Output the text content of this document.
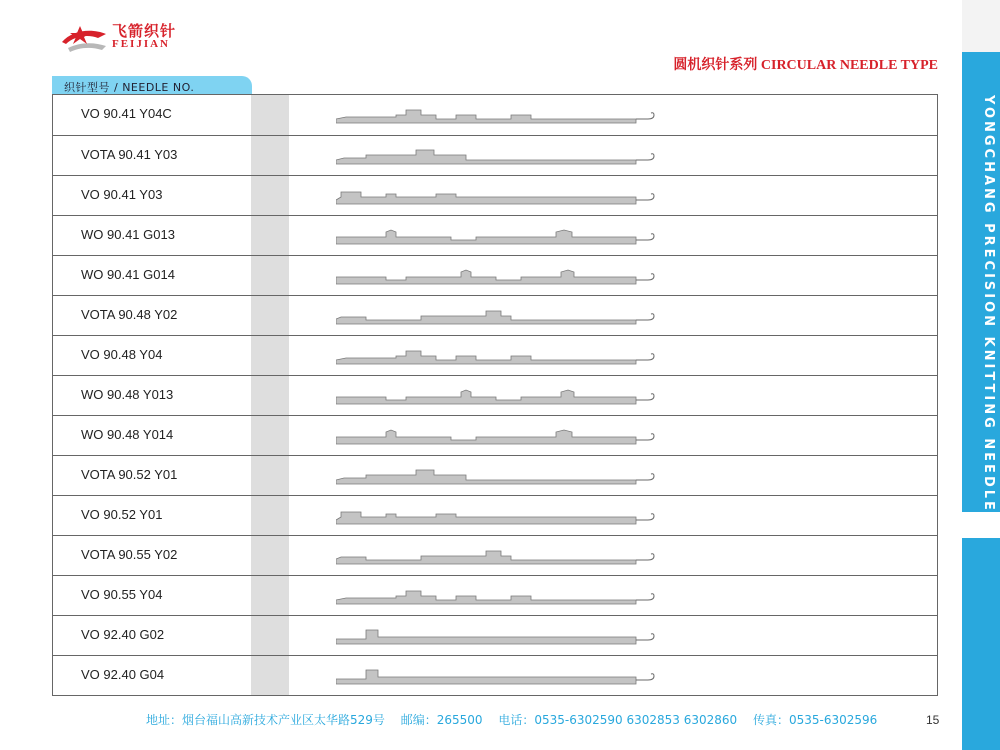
飞箭织针
FEIJIAN
圆机织针系列 CIRCULAR NEEDLE TYPE
织针型号 / NEEDLE NO.
VO 90.41 Y04C
VOTA 90.41 Y03
VO 90.41 Y03
WO 90.41 G013
WO 90.41 G014
VOTA 90.48 Y02
VO 90.48 Y04
WO 90.48 Y013
WO 90.48 Y014
VOTA 90.52 Y01
VO 90.52 Y01
VOTA 90.55 Y02
VO 90.55 Y04
VO 92.40 G02
VO 92.40 G04
YONGCHANG PRECISION KNITTING NEEDLE
地址：烟台福山高新技术产业区太华路529号　 邮编：265500　 电话：0535-6302590 6302853 6302860　 传真：0535-6302596	15
